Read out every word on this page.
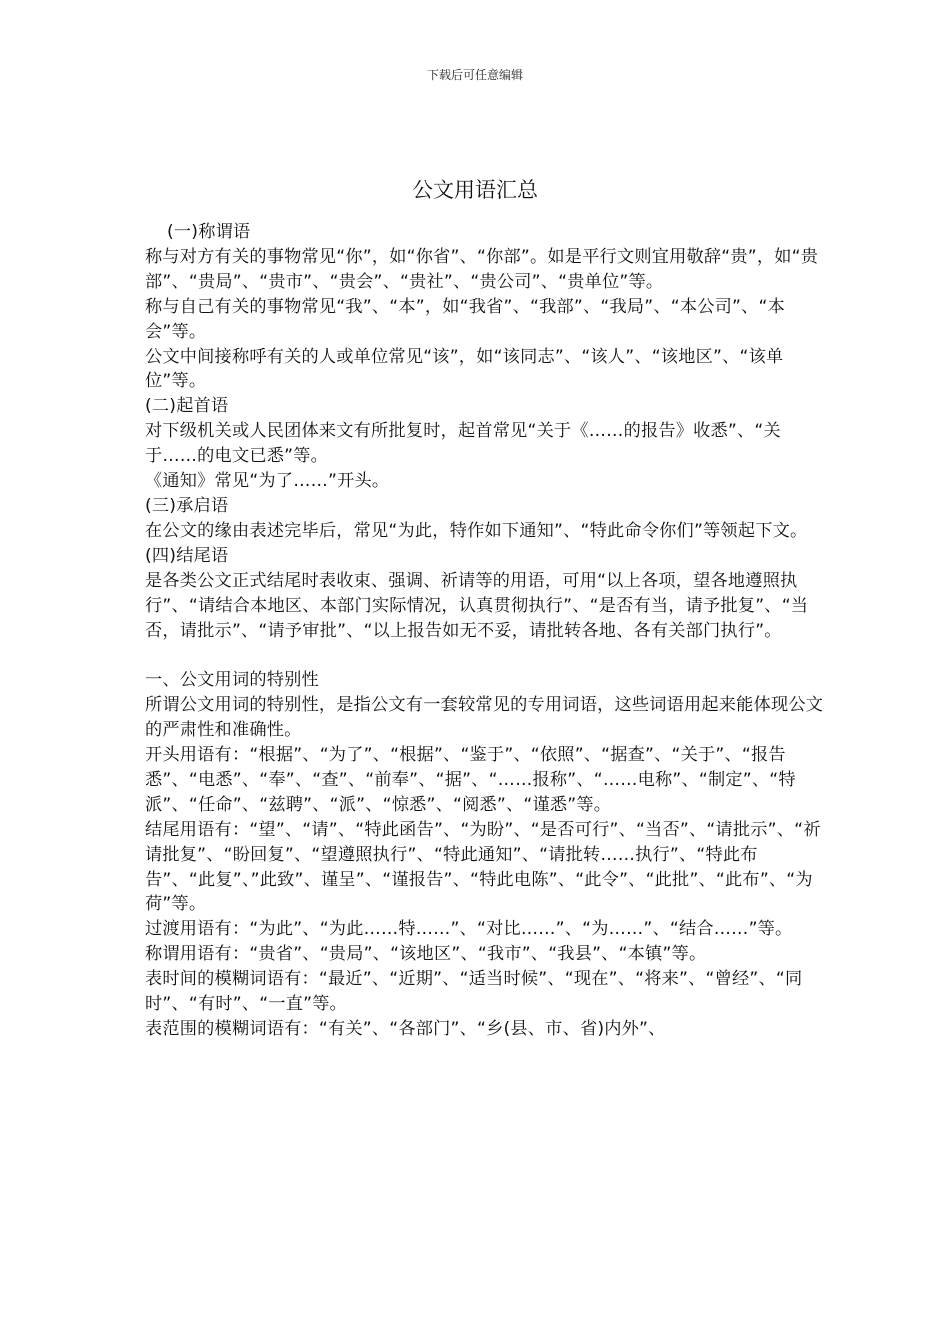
下载后可任意编辑
公文用语汇总

(一)称谓语

称与对方有关的事物常见“你”，如“你省”、“你部”。如是平行文则宜用敬辞“贵”，如“贵部”、“贵局”、“贵市”、“贵会”、“贵社”、“贵公司”、“贵单位”等。

称与自己有关的事物常见“我”、“本”，如“我省”、“我部”、“我局”、“本公司”、“本会”等。

公文中间接称呼有关的人或单位常见“该”，如“该同志”、“该人”、“该地区”、“该单位”等。

(二)起首语

对下级机关或人民团体来文有所批复时，起首常见“关于《……的报告》收悉”、“关于……的电文已悉”等。

《通知》常见“为了……”开头。

(三)承启语

在公文的缘由表述完毕后，常见“为此，特作如下通知”、“特此命令你们”等领起下文。

(四)结尾语

是各类公文正式结尾时表收束、强调、祈请等的用语，可用“以上各项，望各地遵照执行”、“请结合本地区、本部门实际情况，认真贯彻执行”、“是否有当，请予批复”、“当否，请批示”、“请予审批”、“以上报告如无不妥，请批转各地、各有关部门执行”。

一、公文用词的特别性

所谓公文用词的特别性，是指公文有一套较常见的专用词语，这些词语用起来能体现公文的严肃性和准确性。

开头用语有：“根据”、“为了”、“根据”、“鉴于”、“依照”、“据查”、“关于”、“报告悉”、“电悉”、“奉”、“查”、“前奉”、“据”、“……报称”、“……电称”、“制定”、“特派”、“任命”、“兹聘”、“派”、“惊悉”、“阅悉”、“谨悉”等。

结尾用语有：“望”、“请”、“特此函告”、“为盼”、“是否可行”、“当否”、“请批示”、“祈请批复”、“盼回复”、“望遵照执行”、“特此通知”、“请批转……执行”、“特此布告”、“此复”、”此致”、谨呈”、“谨报告”、“特此电陈”、“此令”、“此批”、“此布”、“为荷”等。

过渡用语有：“为此”、“为此……特……”、“对比……”、“为……”、“结合……”等。

称谓用语有：“贵省”、“贵局”、“该地区”、“我市”、“我县”、“本镇”等。

表时间的模糊词语有：“最近”、“近期”、“适当时候”、“现在”、“将来”、“曾经”、“同时”、“有时”、“一直”等。

表范围的模糊词语有：“有关”、“各部门”、“乡(县、市、省)内外”、
